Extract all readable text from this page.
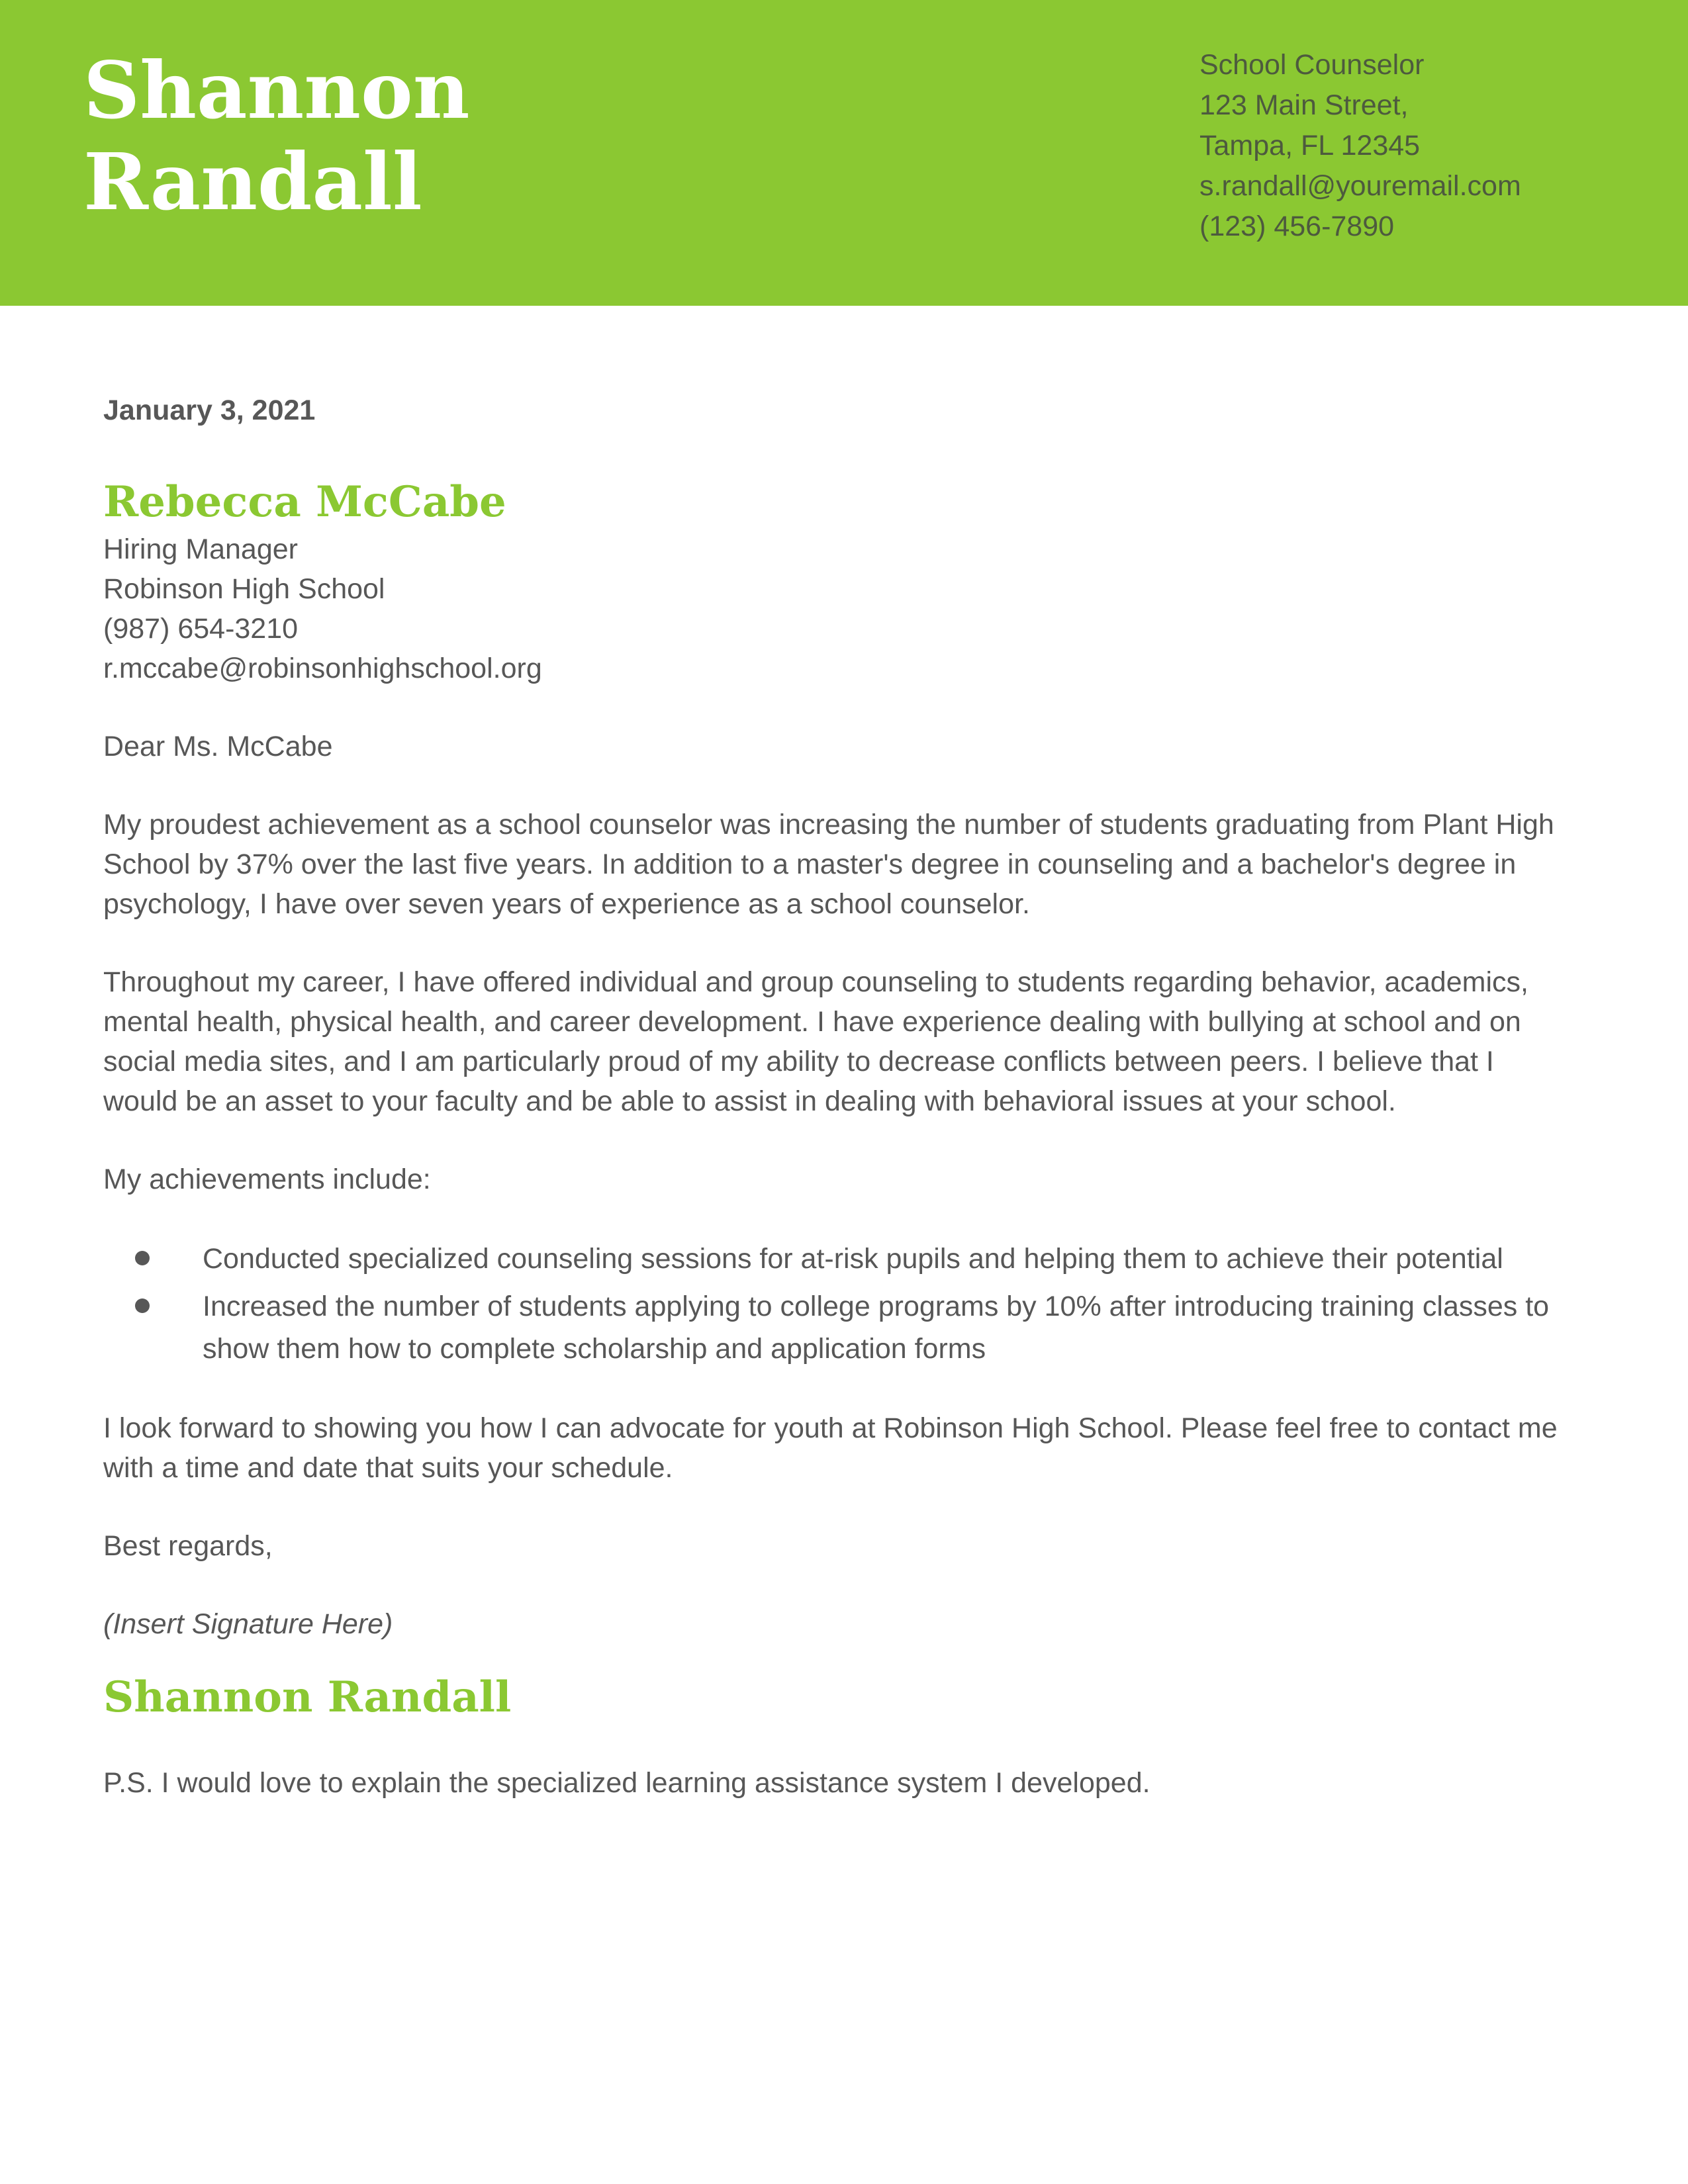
Shannon
Randall
School Counselor
123 Main Street,
Tampa, FL 12345
s.randall@youremail.com
(123) 456-7890

January 3, 2021

Rebecca McCabe
Hiring Manager
Robinson High School
(987) 654-3210
r.mccabe@robinsonhighschool.org

Dear Ms. McCabe

My proudest achievement as a school counselor was increasing the number of students graduating from Plant High School by 37% over the last five years. In addition to a master's degree in counseling and a bachelor's degree in psychology, I have over seven years of experience as a school counselor.

Throughout my career, I have offered individual and group counseling to students regarding behavior, academics, mental health, physical health, and career development. I have experience dealing with bullying at school and on social media sites, and I am particularly proud of my ability to decrease conflicts between peers. I believe that I would be an asset to your faculty and be able to assist in dealing with behavioral issues at your school.

My achievements include:

Conducted specialized counseling sessions for at-risk pupils and helping them to achieve their potential
Increased the number of students applying to college programs by 10% after introducing training classes to show them how to complete scholarship and application forms

I look forward to showing you how I can advocate for youth at Robinson High School. Please feel free to contact me with a time and date that suits your schedule.

Best regards,

(Insert Signature Here)

Shannon Randall

P.S. I would love to explain the specialized learning assistance system I developed.
